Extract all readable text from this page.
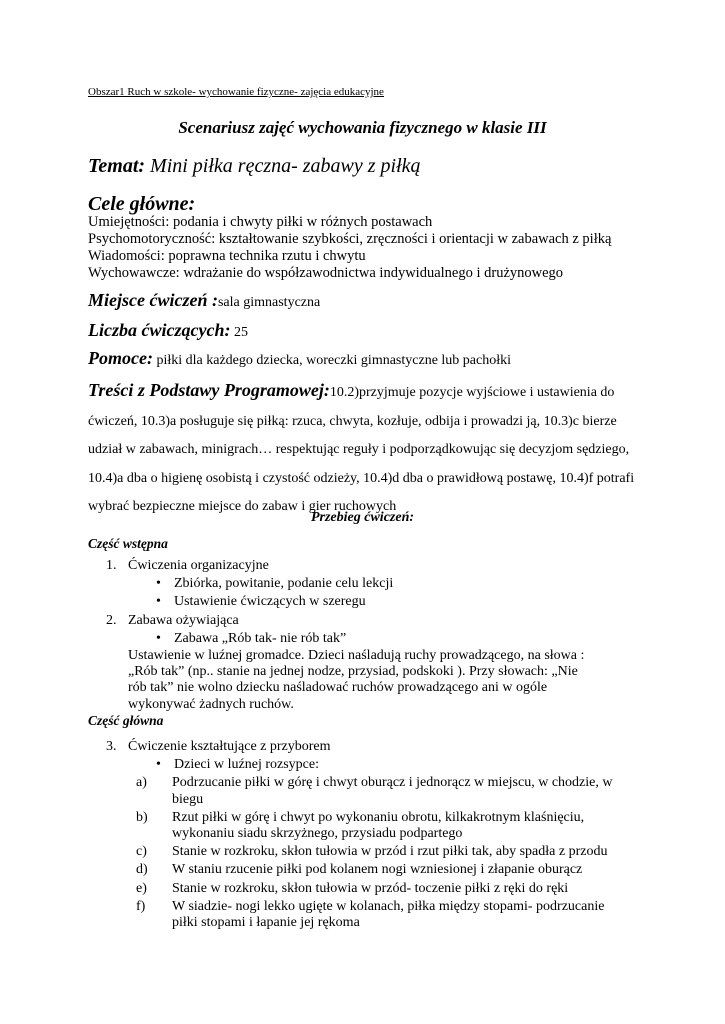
Obszar1 Ruch w szkole- wychowanie fizyczne- zajęcia edukacyjne
Scenariusz zajęć wychowania fizycznego w klasie III
Temat: Mini piłka ręczna- zabawy z piłką
Cele główne:
Umiejętności: podania i chwyty piłki w różnych postawach
Psychomotoryczność: kształtowanie szybkości, zręczności i orientacji w zabawach z piłką
Wiadomości: poprawna technika rzutu i chwytu
Wychowawcze: wdrażanie do współzawodnictwa indywidualnego i drużynowego
Miejsce ćwiczeń :sala gimnastyczna
Liczba ćwiczących: 25
Pomoce: piłki dla każdego dziecka, woreczki gimnastyczne lub pachołki
Treści z Podstawy Programowej:10.2)przyjmuje pozycje wyjściowe i ustawienia do ćwiczeń, 10.3)a posługuje się piłką: rzuca, chwyta, kozłuje, odbija i prowadzi ją, 10.3)c bierze udział w zabawach, minigrach… respektując reguły i podporządkowując się decyzjom sędziego, 10.4)a dba o higienę osobistą i czystość odzieży, 10.4)d dba o prawidłową postawę, 10.4)f potrafi wybrać bezpieczne miejsce do zabaw i gier ruchowych
Przebieg ćwiczeń:
Część wstępna
1. Ćwiczenia organizacyjne
• Zbiórka, powitanie, podanie celu lekcji
• Ustawienie ćwiczących w szeregu
2. Zabawa ożywiająca
• Zabawa „Rób tak- nie rób tak”
Ustawienie w luźnej gromadce. Dzieci naśladują ruchy prowadzącego, na słowa :
„Rób tak” (np.. stanie na jednej nodze, przysiad, podskoki ). Przy słowach: „Nie
rób tak” nie wolno dziecku naśladować ruchów prowadzącego ani w ogóle
wykonywać żadnych ruchów.
Część główna
3. Ćwiczenie kształtujące z przyborem
• Dzieci w luźnej rozsypce:
a) Podrzucanie piłki w górę i chwyt oburącz i jednorącz w miejscu, w chodzie, w
biegu
b) Rzut piłki w górę i chwyt po wykonaniu obrotu, kilkakrotnym klaśnięciu,
wykonaniu siadu skrzyżnego, przysiadu podpartego
c) Stanie w rozkroku, skłon tułowia w przód i rzut piłki tak, aby spadła z przodu
d) W staniu rzucenie piłki pod kolanem nogi wzniesionej i złapanie oburącz
e) Stanie w rozkroku, skłon tułowia w przód- toczenie piłki z ręki do ręki
f) W siadzie- nogi lekko ugięte w kolanach, piłka między stopami- podrzucanie
piłki stopami i łapanie jej rękoma
